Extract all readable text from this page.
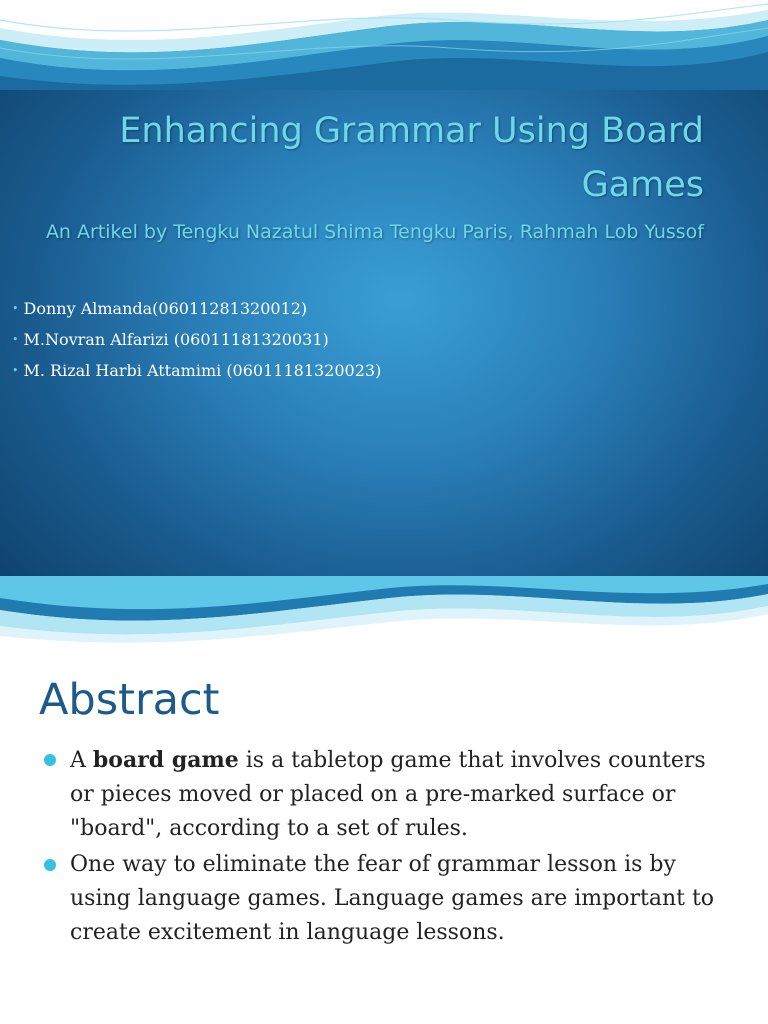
Enhancing Grammar Using Board Games

An Artikel by Tengku Nazatul Shima Tengku Paris, Rahmah Lob Yussof

• Donny Almanda(06011281320012)
• M.Novran Alfarizi (06011181320031)
• M. Rizal Harbi Attamimi (06011181320023)
Abstract
A board game is a tabletop game that involves counters or pieces moved or placed on a pre-marked surface or "board", according to a set of rules.
One way to eliminate the fear of grammar lesson is by using language games. Language games are important to create excitement in language lessons.
